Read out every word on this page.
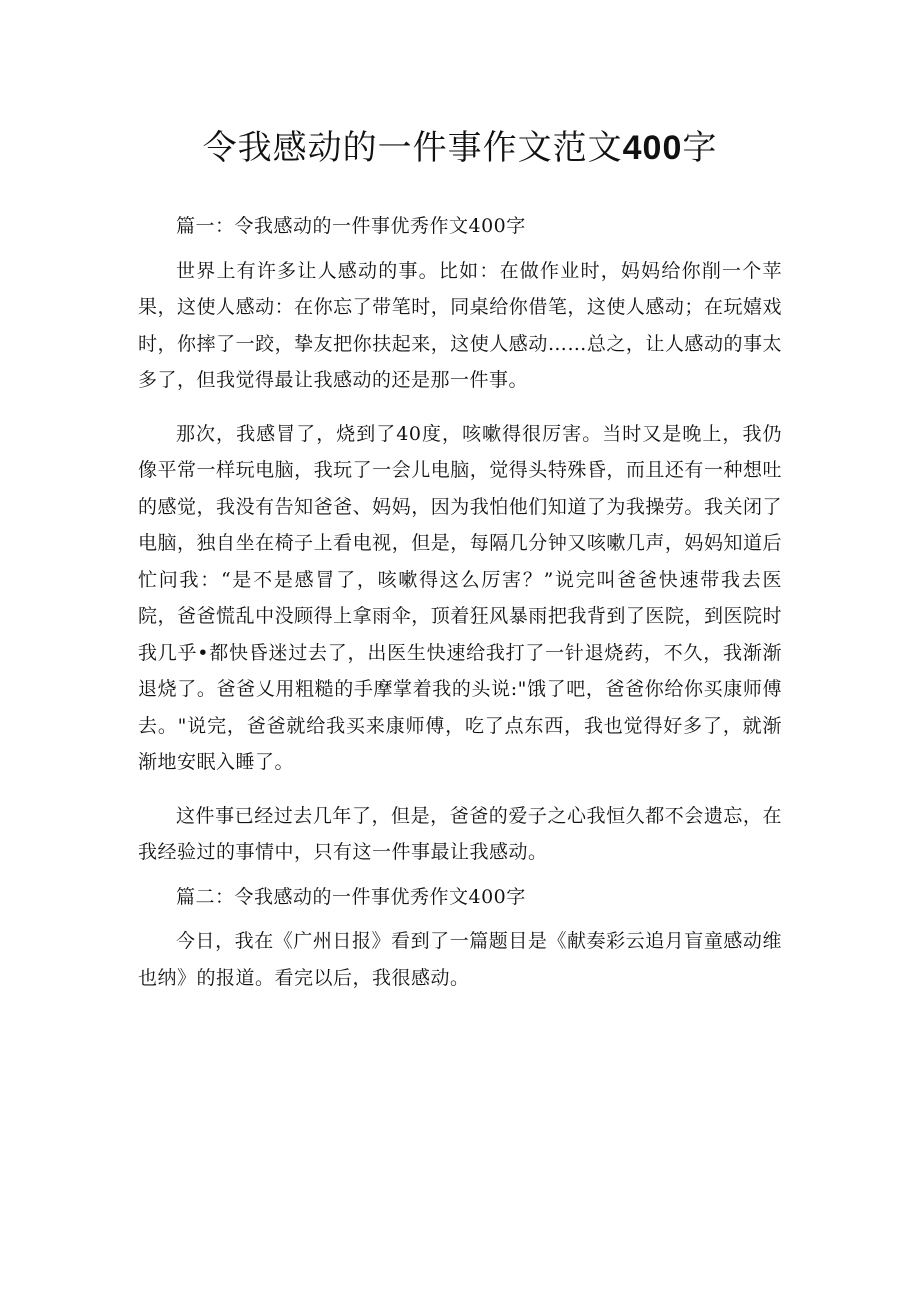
令我感动的一件事作文范文400字

篇一：令我感动的一件事优秀作文400字

世界上有许多让人感动的事。比如：在做作业时，妈妈给你削一个苹果，这使人感动：在你忘了带笔时，同桌给你借笔，这使人感动；在玩嬉戏时，你摔了一跤，挚友把你扶起来，这使人感动……总之，让人感动的事太多了，但我觉得最让我感动的还是那一件事。

那次，我感冒了，烧到了40度，咳嗽得很厉害。当时又是晚上，我仍像平常一样玩电脑，我玩了一会儿电脑，觉得头特殊昏，而且还有一种想吐的感觉，我没有告知爸爸、妈妈，因为我怕他们知道了为我操劳。我关闭了电脑，独自坐在椅子上看电视，但是，每隔几分钟又咳嗽几声，妈妈知道后忙问我：“是不是感冒了，咳嗽得这么厉害？”说完叫爸爸快速带我去医院，爸爸慌乱中没顾得上拿雨伞，顶着狂风暴雨把我背到了医院，到医院时我几乎•都快昏迷过去了，出医生快速给我打了一针退烧药，不久，我渐渐退烧了。爸爸乂用粗糙的手摩掌着我的头说:"饿了吧，爸爸你给你买康师傅去。"说完，爸爸就给我买来康师傅，吃了点东西，我也觉得好多了，就渐渐地安眠入睡了。

这件事已经过去几年了，但是，爸爸的爱子之心我恒久都不会遗忘，在我经验过的事情中，只有这一件事最让我感动。

篇二：令我感动的一件事优秀作文400字

今日，我在《广州日报》看到了一篇题目是《献奏彩云追月盲童感动维也纳》的报道。看完以后，我很感动。
